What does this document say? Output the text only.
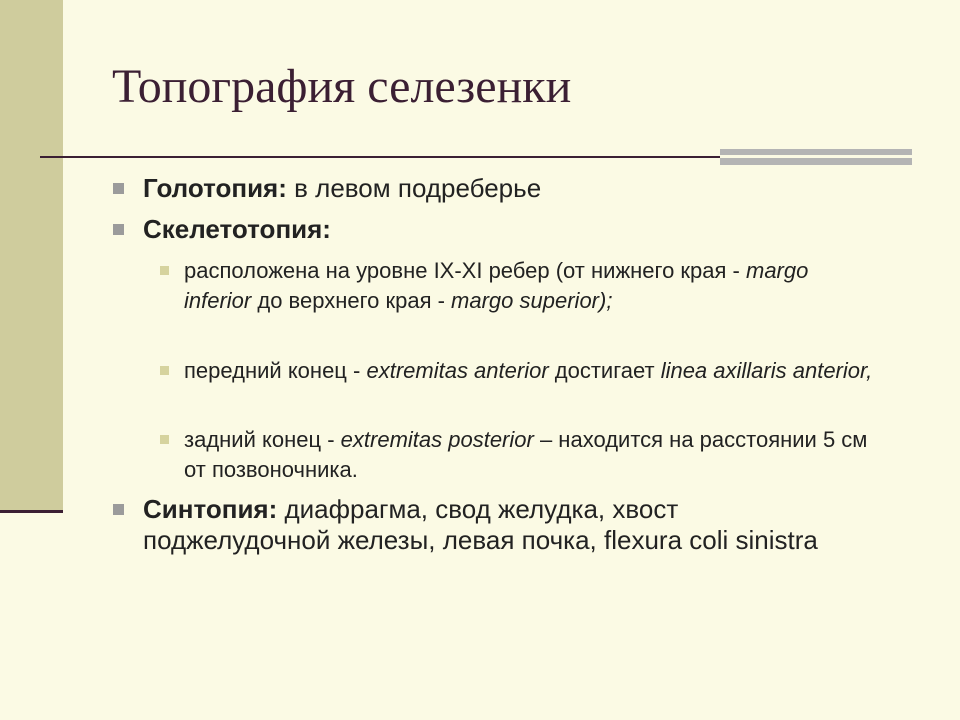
Топография селезенки

Голотопия: в левом подреберье

Скелетотопия:

расположена на уровне IX-XI ребер (от нижнего края - margo inferior до верхнего края - margo superior);

передний конец - extremitas anterior достигает linea axillaris anterior,

задний конец - extremitas posterior – находится на расстоянии 5 см от позвоночника.

Синтопия: диафрагма, свод желудка, хвост поджелудочной железы, левая почка, flexura coli sinistra
